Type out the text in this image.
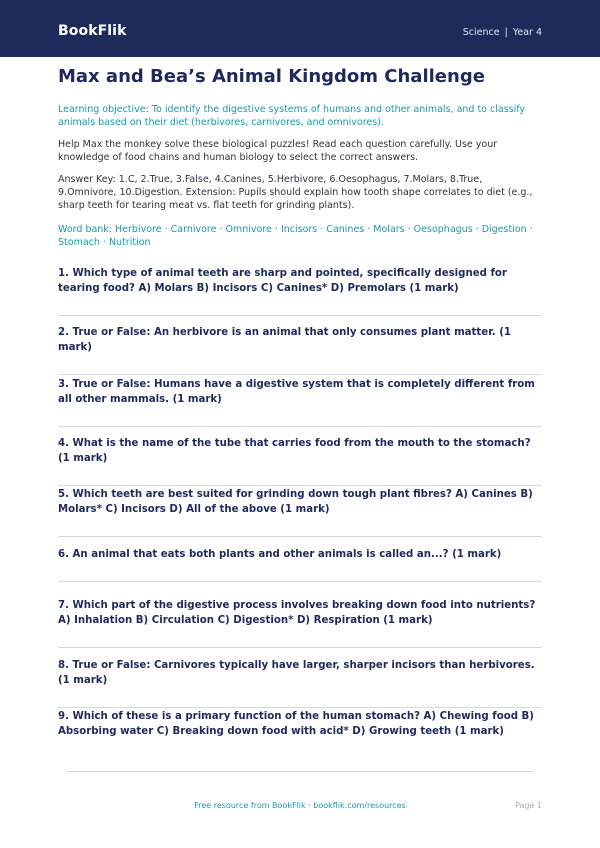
BookFlik	Science | Year 4
Max and Bea’s Animal Kingdom Challenge

Learning objective: To identify the digestive systems of humans and other animals, and to classify animals based on their diet (herbivores, carnivores, and omnivores).

Help Max the monkey solve these biological puzzles! Read each question carefully. Use your knowledge of food chains and human biology to select the correct answers.

Answer Key: 1.C, 2.True, 3.False, 4.Canines, 5.Herbivore, 6.Oesophagus, 7.Molars, 8.True, 9.Omnivore, 10.Digestion. Extension: Pupils should explain how tooth shape correlates to diet (e.g., sharp teeth for tearing meat vs. flat teeth for grinding plants).

Word bank: Herbivore · Carnivore · Omnivore · Incisors · Canines · Molars · Oesophagus · Digestion · Stomach · Nutrition

1. Which type of animal teeth are sharp and pointed, specifically designed for tearing food? A) Molars B) Incisors C) Canines* D) Premolars (1 mark)

2. True or False: An herbivore is an animal that only consumes plant matter. (1 mark)

3. True or False: Humans have a digestive system that is completely different from all other mammals. (1 mark)

4. What is the name of the tube that carries food from the mouth to the stomach? (1 mark)

5. Which teeth are best suited for grinding down tough plant fibres? A) Canines B) Molars* C) Incisors D) All of the above (1 mark)

6. An animal that eats both plants and other animals is called an...? (1 mark)

7. Which part of the digestive process involves breaking down food into nutrients? A) Inhalation B) Circulation C) Digestion* D) Respiration (1 mark)

8. True or False: Carnivores typically have larger, sharper incisors than herbivores. (1 mark)

9. Which of these is a primary function of the human stomach? A) Chewing food B) Absorbing water C) Breaking down food with acid* D) Growing teeth (1 mark)

Free resource from BookFlik · bookflik.com/resources	Page 1
